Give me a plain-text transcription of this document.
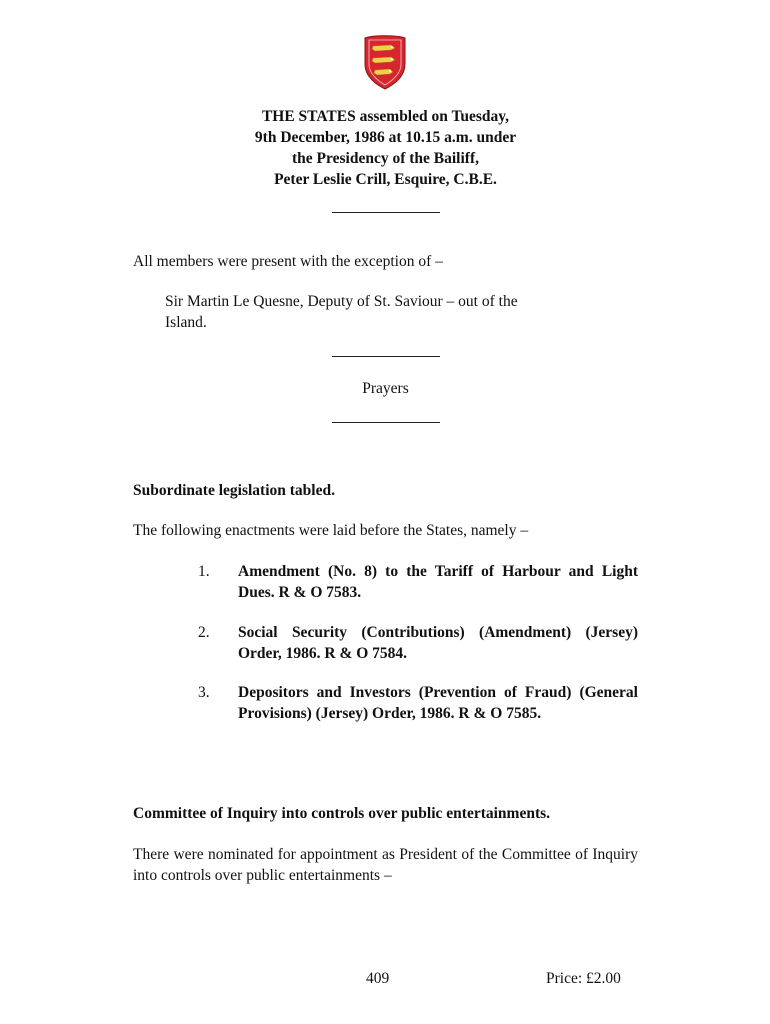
THE STATES assembled on Tuesday,
9th December, 1986 at 10.15 a.m. under
the Presidency of the Bailiff,
Peter Leslie Crill, Esquire, C.B.E.
All members were present with the exception of –
Sir Martin Le Quesne, Deputy of St. Saviour – out of the
Island.
Prayers
Subordinate legislation tabled.
The following enactments were laid before the States, namely –
1.	Amendment (No. 8) to the Tariff of Harbour and Light Dues. R & O 7583.
2.	Social Security (Contributions) (Amendment) (Jersey) Order, 1986. R & O 7584.
3.	Depositors and Investors (Prevention of Fraud) (General Provisions) (Jersey) Order, 1986. R & O 7585.
Committee of Inquiry into controls over public entertainments.
There were nominated for appointment as President of the Committee of Inquiry into controls over public entertainments –
409	Price: £2.00
